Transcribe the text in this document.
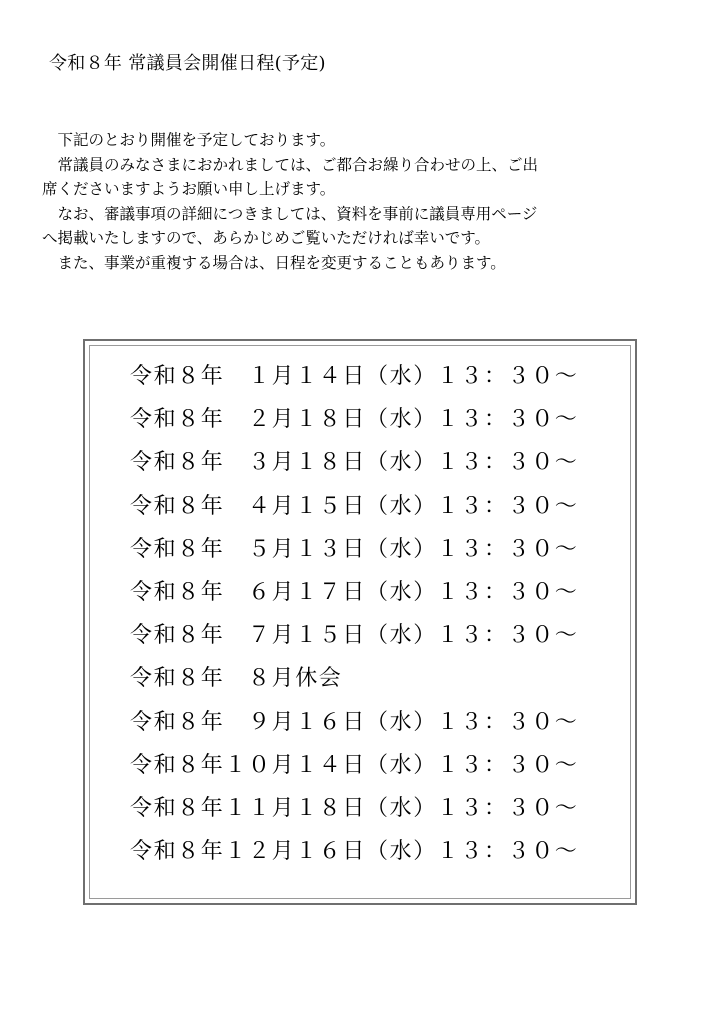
令和８年 常議員会開催日程(予定)

下記のとおり開催を予定しております。

常議員のみなさまにおかれましては、ご都合お繰り合わせの上、ご出

席くださいますようお願い申し上げます。

なお、審議事項の詳細につきましては、資料を事前に議員専用ページ

へ掲載いたしますので、あらかじめご覧いただければ幸いです。

また、事業が重複する場合は、日程を変更することもあります。

令和８年　１月１４日（水）１３：３０～
令和８年　２月１８日（水）１３：３０～
令和８年　３月１８日（水）１３：３０～
令和８年　４月１５日（水）１３：３０～
令和８年　５月１３日（水）１３：３０～
令和８年　６月１７日（水）１３：３０～
令和８年　７月１５日（水）１３：３０～
令和８年　８月休会
令和８年　９月１６日（水）１３：３０～
令和８年１０月１４日（水）１３：３０～
令和８年１１月１８日（水）１３：３０～
令和８年１２月１６日（水）１３：３０～
